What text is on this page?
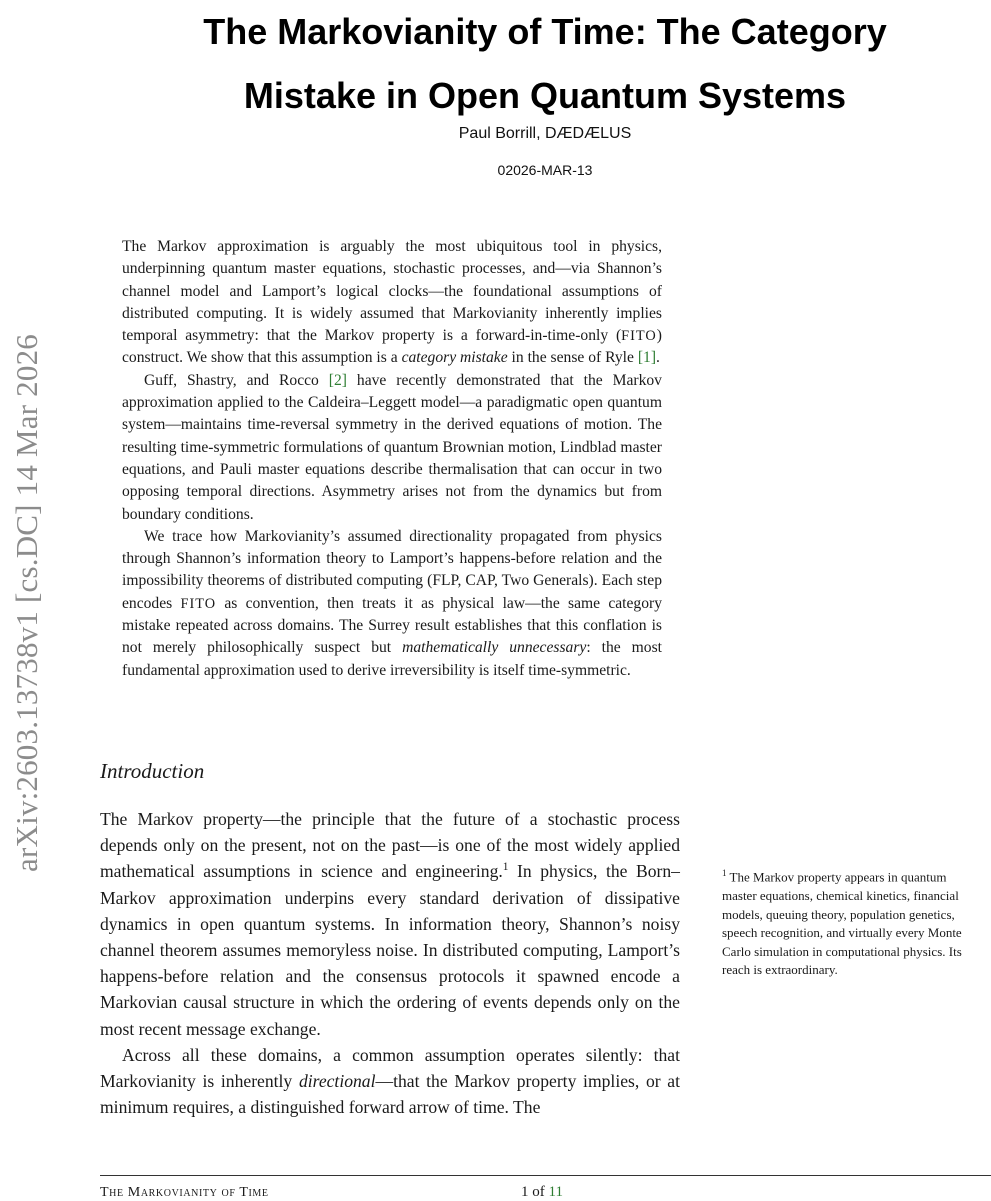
arXiv:2603.13738v1 [cs.DC] 14 Mar 2026
The Markovianity of Time: The Category
Mistake in Open Quantum Systems
Paul Borrill, DÆDÆLUS
02026-MAR-13

The Markov approximation is arguably the most ubiquitous tool in physics, underpinning quantum master equations, stochastic processes, and—via Shannon’s channel model and Lamport’s logical clocks—the foundational assumptions of distributed computing. It is widely assumed that Markovianity inherently implies temporal asymmetry: that the Markov property is a forward-in-time-only (FITO) construct. We show that this assumption is a category mistake in the sense of Ryle [1].

Guff, Shastry, and Rocco [2] have recently demonstrated that the Markov approximation applied to the Caldeira–Leggett model—a paradigmatic open quantum system—maintains time-reversal symmetry in the derived equations of motion. The resulting time-symmetric formulations of quantum Brownian motion, Lindblad master equations, and Pauli master equations describe thermalisation that can occur in two opposing temporal directions. Asymmetry arises not from the dynamics but from boundary conditions.

We trace how Markovianity’s assumed directionality propagated from physics through Shannon’s information theory to Lamport’s happens-before relation and the impossibility theorems of distributed computing (FLP, CAP, Two Generals). Each step encodes FITO as convention, then treats it as physical law—the same category mistake repeated across domains. The Surrey result establishes that this conflation is not merely philosophically suspect but mathematically unnecessary: the most fundamental approximation used to derive irreversibility is itself time-symmetric.

Introduction

The Markov property—the principle that the future of a stochastic process depends only on the present, not on the past—is one of the most widely applied mathematical assumptions in science and engineering.$^1$ In physics, the Born–Markov approximation underpins every standard derivation of dissipative dynamics in open quantum systems. In information theory, Shannon’s noisy channel theorem assumes memoryless noise. In distributed computing, Lamport’s happens-before relation and the consensus protocols it spawned encode a Markovian causal structure in which the ordering of events depends only on the most recent message exchange.

Across all these domains, a common assumption operates silently: that Markovianity is inherently directional—that the Markov property implies, or at minimum requires, a distinguished forward arrow of time. The

$^1$ The Markov property appears in quantum master equations, chemical kinetics, financial models, queuing theory, population genetics, speech recognition, and virtually every Monte Carlo simulation in computational physics. Its reach is extraordinary.
The Markovianity of Time	1 of 11
